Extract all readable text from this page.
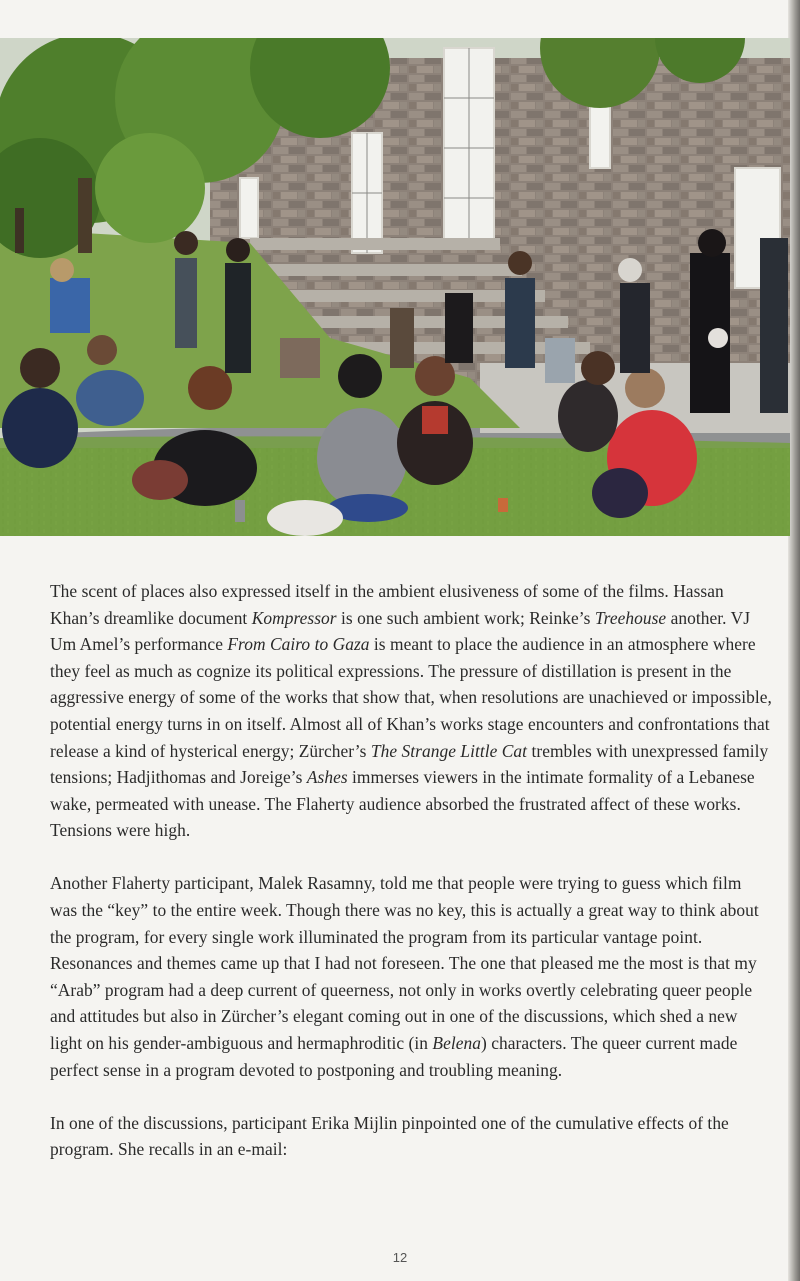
The scent of places also expressed itself in the ambient elusiveness of some of the films. Hassan Khan’s dreamlike document Kompressor is one such ambient work; Reinke’s Treehouse another. VJ Um Amel’s performance From Cairo to Gaza is meant to place the audience in an atmosphere where they feel as much as cognize its political expressions. The pressure of distillation is present in the aggressive energy of some of the works that show that, when resolutions are unachieved or impossible, potential energy turns in on itself. Almost all of Khan’s works stage encounters and confrontations that release a kind of hysterical energy; Zürcher’s The Strange Little Cat trembles with unexpressed family tensions; Hadjithomas and Joreige’s Ashes immerses viewers in the intimate formality of a Lebanese wake, permeated with unease. The Flaherty audience absorbed the frustrated affect of these works. Tensions were high.

Another Flaherty participant, Malek Rasamny, told me that people were trying to guess which film was the “key” to the entire week. Though there was no key, this is actually a great way to think about the program, for every single work illuminated the program from its particular vantage point. Resonances and themes came up that I had not foreseen. The one that pleased me the most is that my “Arab” program had a deep current of queerness, not only in works overtly celebrating queer people and attitudes but also in Zürcher’s elegant coming out in one of the discussions, which shed a new light on his gender-ambiguous and hermaphroditic (in Belena) characters. The queer current made perfect sense in a program devoted to postponing and troubling meaning.

In one of the discussions, participant Erika Mijlin pinpointed one of the cumulative effects of the program. She recalls in an e-mail:

12
